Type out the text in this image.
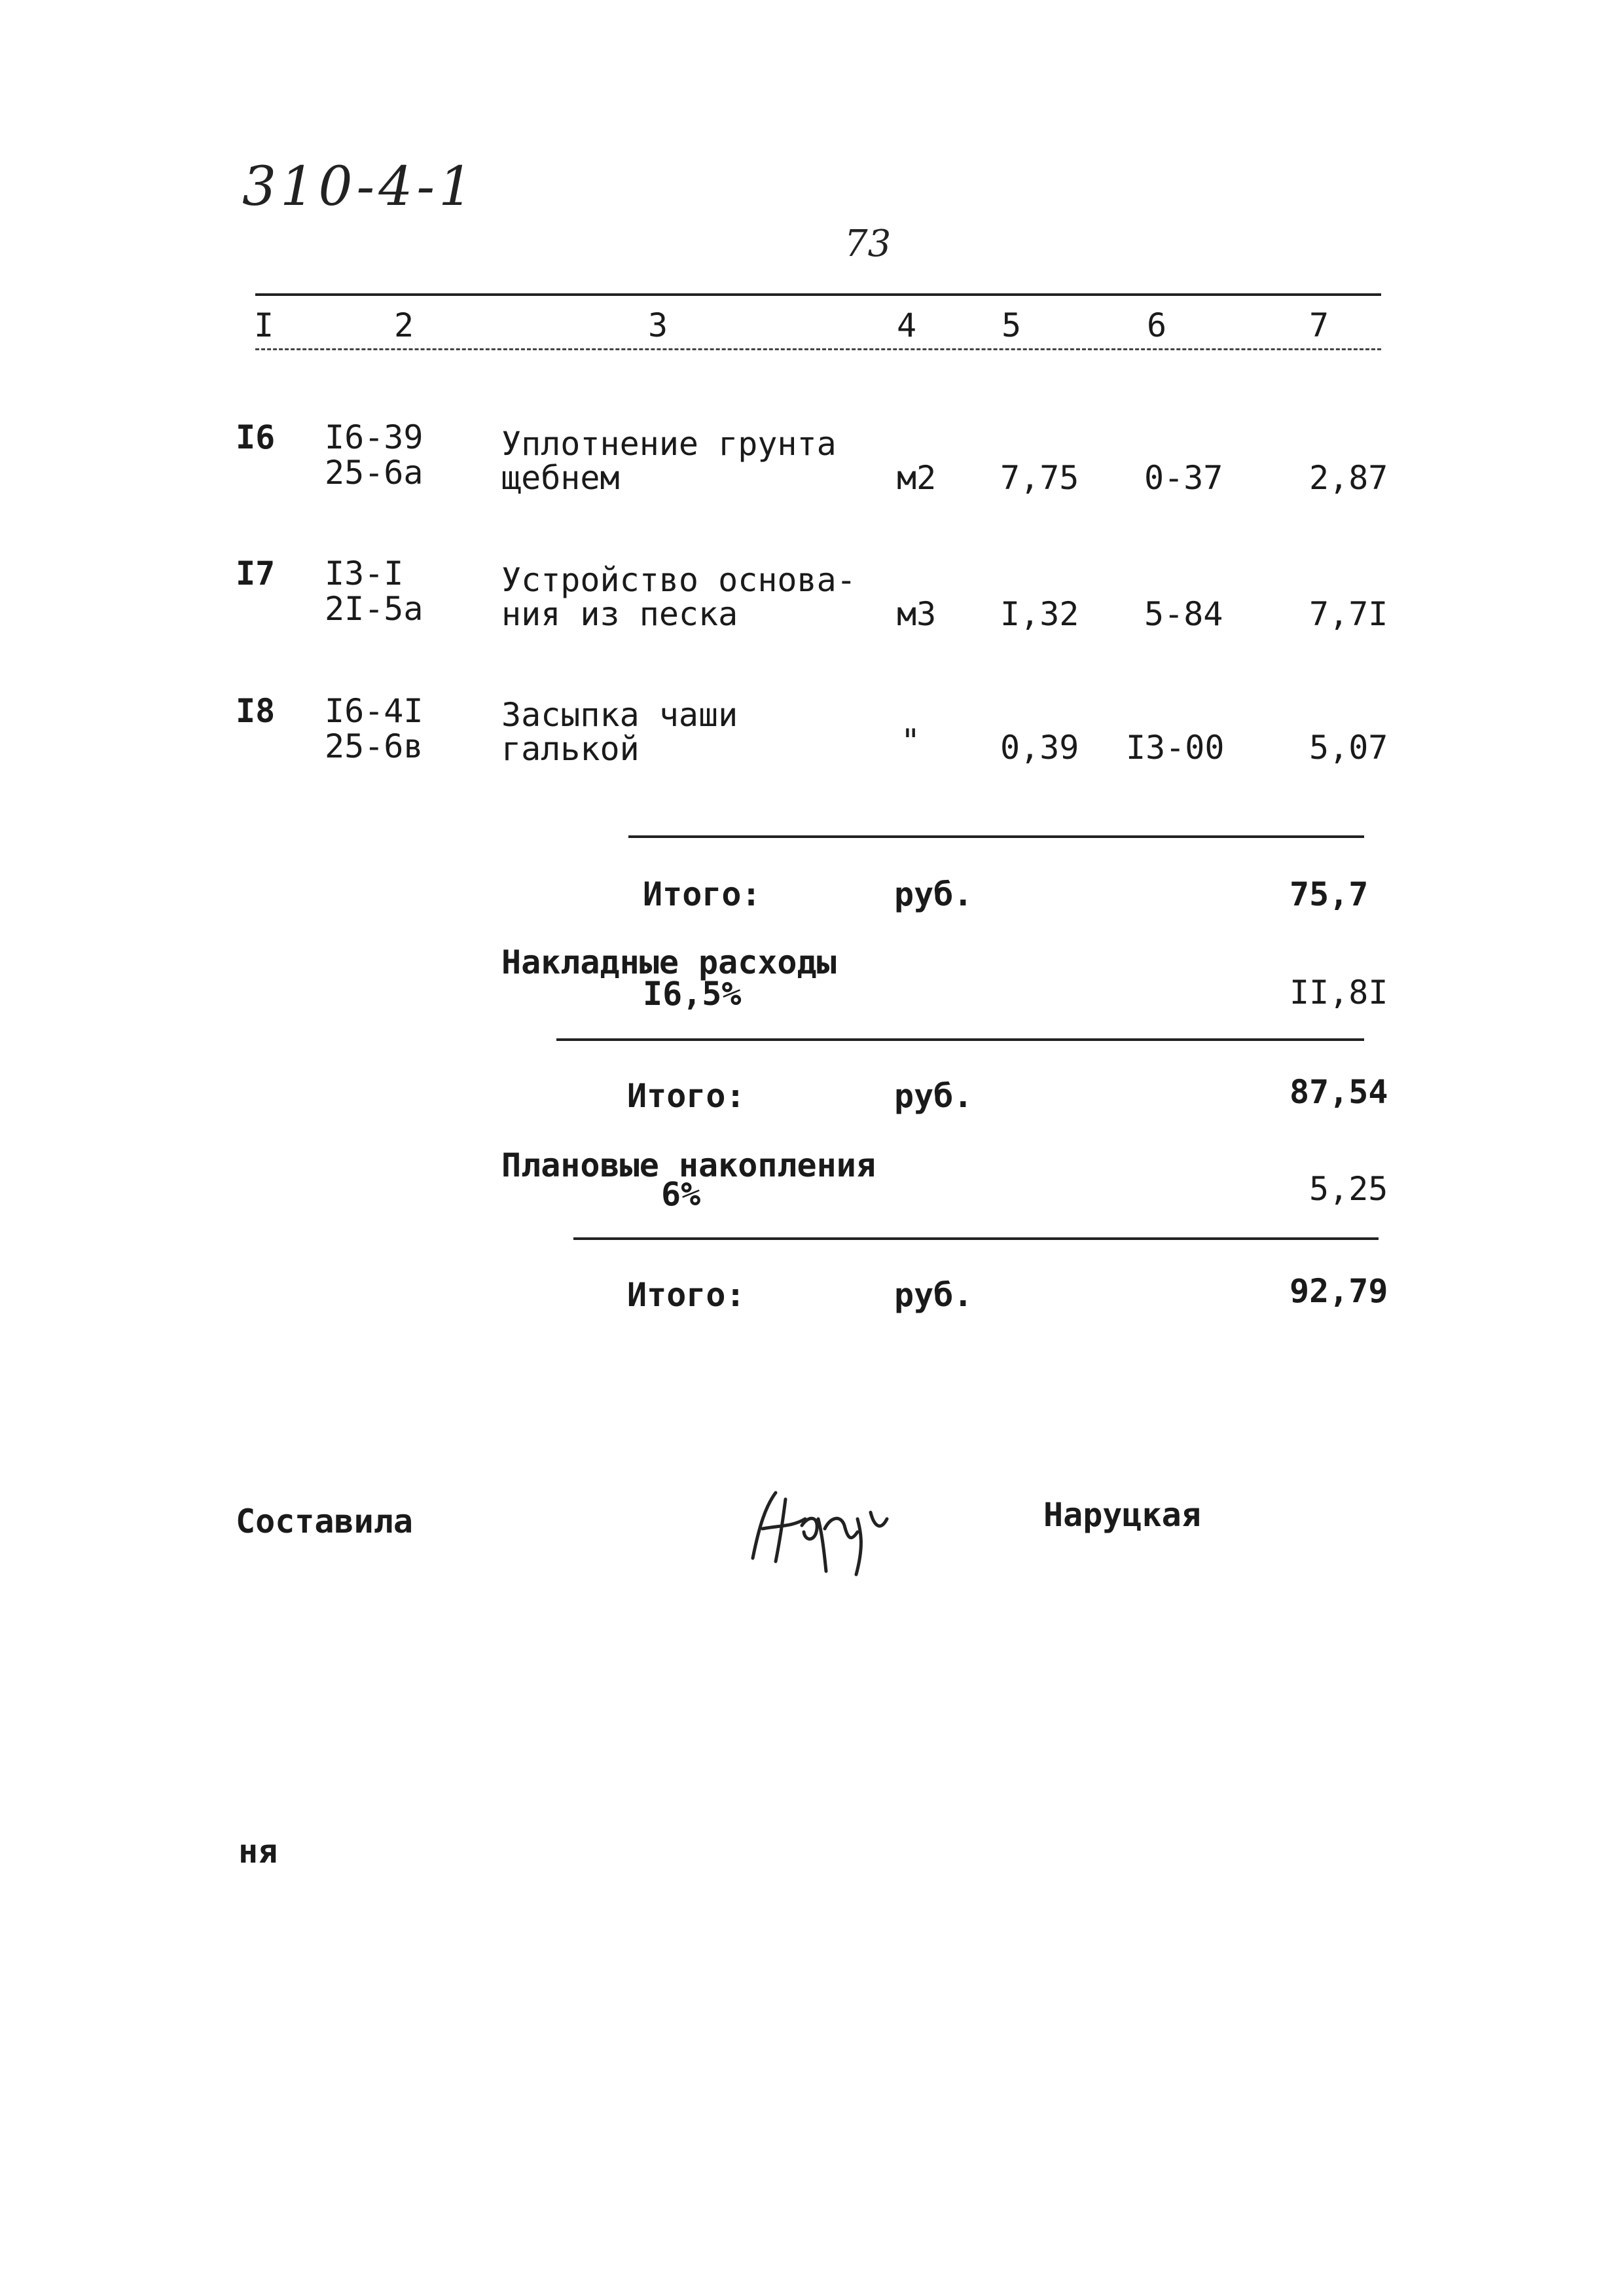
310-4-1
73
I	2	3	4	5	6	7
I6 I6-39
25-6a
Уплотнение грунта
щебнем	м2 7,75 0-37	2,87
I7 I3-I
2I-5a
Устройство основа-
ния из песка	м3 I,32 5-84	7,7I
I8 I6-4I
25-6в
Засыпка чаши
галькой	" 0,39 I3-00	5,07
Итого:	руб.	75,7
Накладные расходы
I6,5%	II,8I
Итого:	руб.	87,54
Плановые накопления
6%	5,25
Итого:	руб.	92,79
Составила	Наруцкая
ня
